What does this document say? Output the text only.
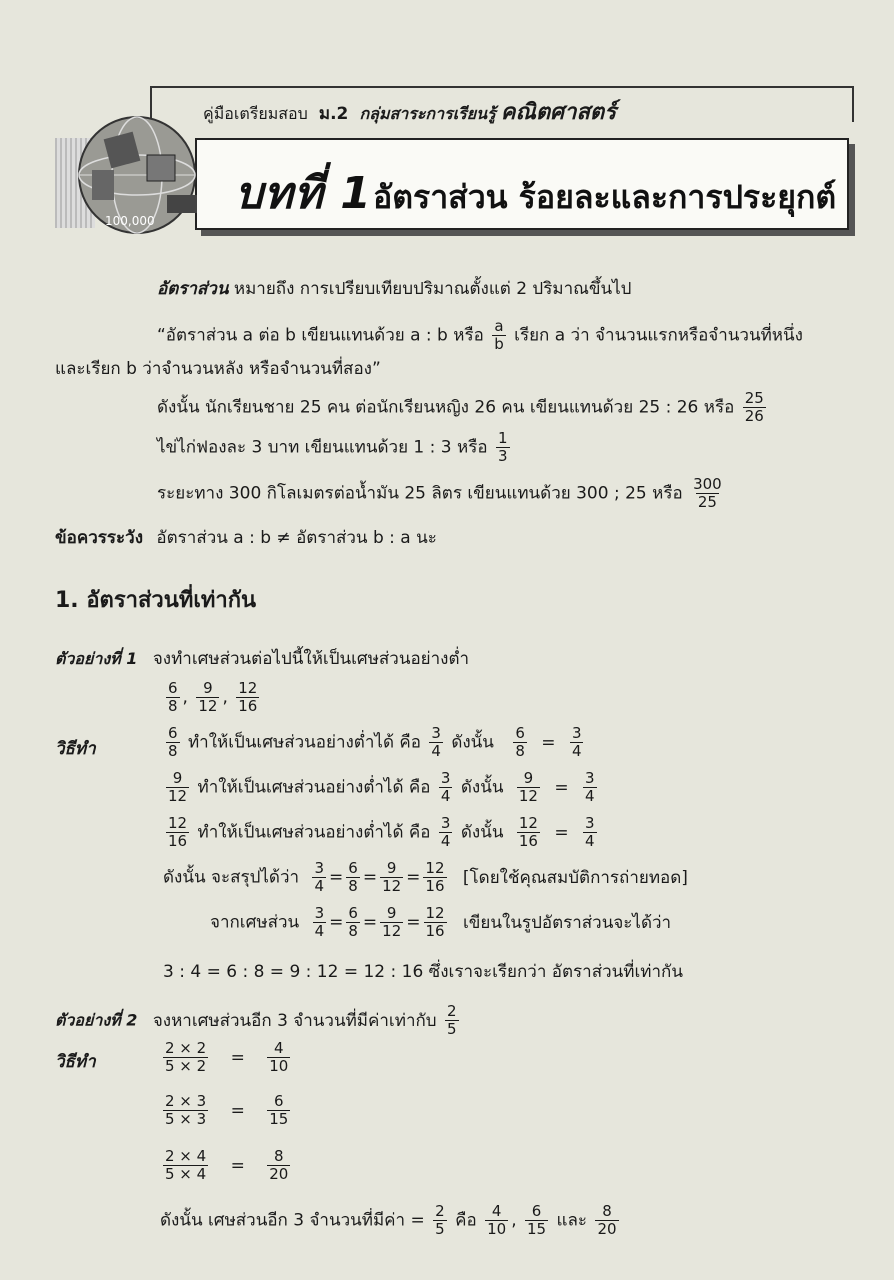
100,000
คู่มือเตรียมสอบ ม.2 กลุ่มสาระการเรียนรู้ คณิตศาสตร์
บทที่ 1 อัตราส่วน ร้อยละและการประยุกต์
อัตราส่วน หมายถึง การเปรียบเทียบปริมาณตั้งแต่ 2 ปริมาณขึ้นไป
“อัตราส่วน a ต่อ b เขียนแทนด้วย a : b หรือ $\frac{a}{b}$ เรียก a ว่า จำนวนแรกหรือจำนวนที่หนึ่ง
และเรียก b ว่าจำนวนหลัง หรือจำนวนที่สอง”
ดังนั้น นักเรียนชาย 25 คน ต่อนักเรียนหญิง 26 คน เขียนแทนด้วย 25 : 26 หรือ $\frac{25}{26}$
ไข่ไก่ฟองละ 3 บาท เขียนแทนด้วย 1 : 3 หรือ $\frac{1}{3}$
ระยะทาง 300 กิโลเมตรต่อน้ำมัน 25 ลิตร เขียนแทนด้วย 300 ; 25 หรือ $\frac{300}{25}$
ข้อควรระวัง อัตราส่วน a : b ≠ อัตราส่วน b : a นะ
1. อัตราส่วนที่เท่ากัน
ตัวอย่างที่ 1 จงทำเศษส่วนต่อไปนี้ให้เป็นเศษส่วนอย่างต่ำ
$\frac{6}{8}$ , $\frac{9}{12}$ , $\frac{12}{16}$
วิธีทำ	$\frac{6}{8}$ ทำให้เป็นเศษส่วนอย่างต่ำได้ คือ $\frac{3}{4}$ ดังนั้น $\frac{6}{8} = \frac{3}{4}$
$\frac{9}{12}$ ทำให้เป็นเศษส่วนอย่างต่ำได้ คือ $\frac{3}{4}$ ดังนั้น $\frac{9}{12} = \frac{3}{4}$
$\frac{12}{16}$ ทำให้เป็นเศษส่วนอย่างต่ำได้ คือ $\frac{3}{4}$ ดังนั้น $\frac{12}{16} = \frac{3}{4}$
ดังนั้น จะสรุปได้ว่า $\frac{3}{4} = \frac{6}{8} = \frac{9}{12} = \frac{12}{16}$ [โดยใช้คุณสมบัติการถ่ายทอด]
จากเศษส่วน $\frac{3}{4} = \frac{6}{8} = \frac{9}{12} = \frac{12}{16}$ เขียนในรูปอัตราส่วนจะได้ว่า
3 : 4 = 6 : 8 = 9 : 12 = 12 : 16 ซึ่งเราจะเรียกว่า อัตราส่วนที่เท่ากัน
ตัวอย่างที่ 2 จงหาเศษส่วนอีก 3 จำนวนที่มีค่าเท่ากับ $\frac{2}{5}$
วิธีทำ	$\frac{2 \times 2}{5 \times 2} = \frac{4}{10}$
$\frac{2 \times 3}{5 \times 3} = \frac{6}{15}$
$\frac{2 \times 4}{5 \times 4} = \frac{8}{20}$
ดังนั้น เศษส่วนอีก 3 จำนวนที่มีค่า = $\frac{2}{5}$ คือ $\frac{4}{10}$ , $\frac{6}{15}$ และ $\frac{8}{20}$
